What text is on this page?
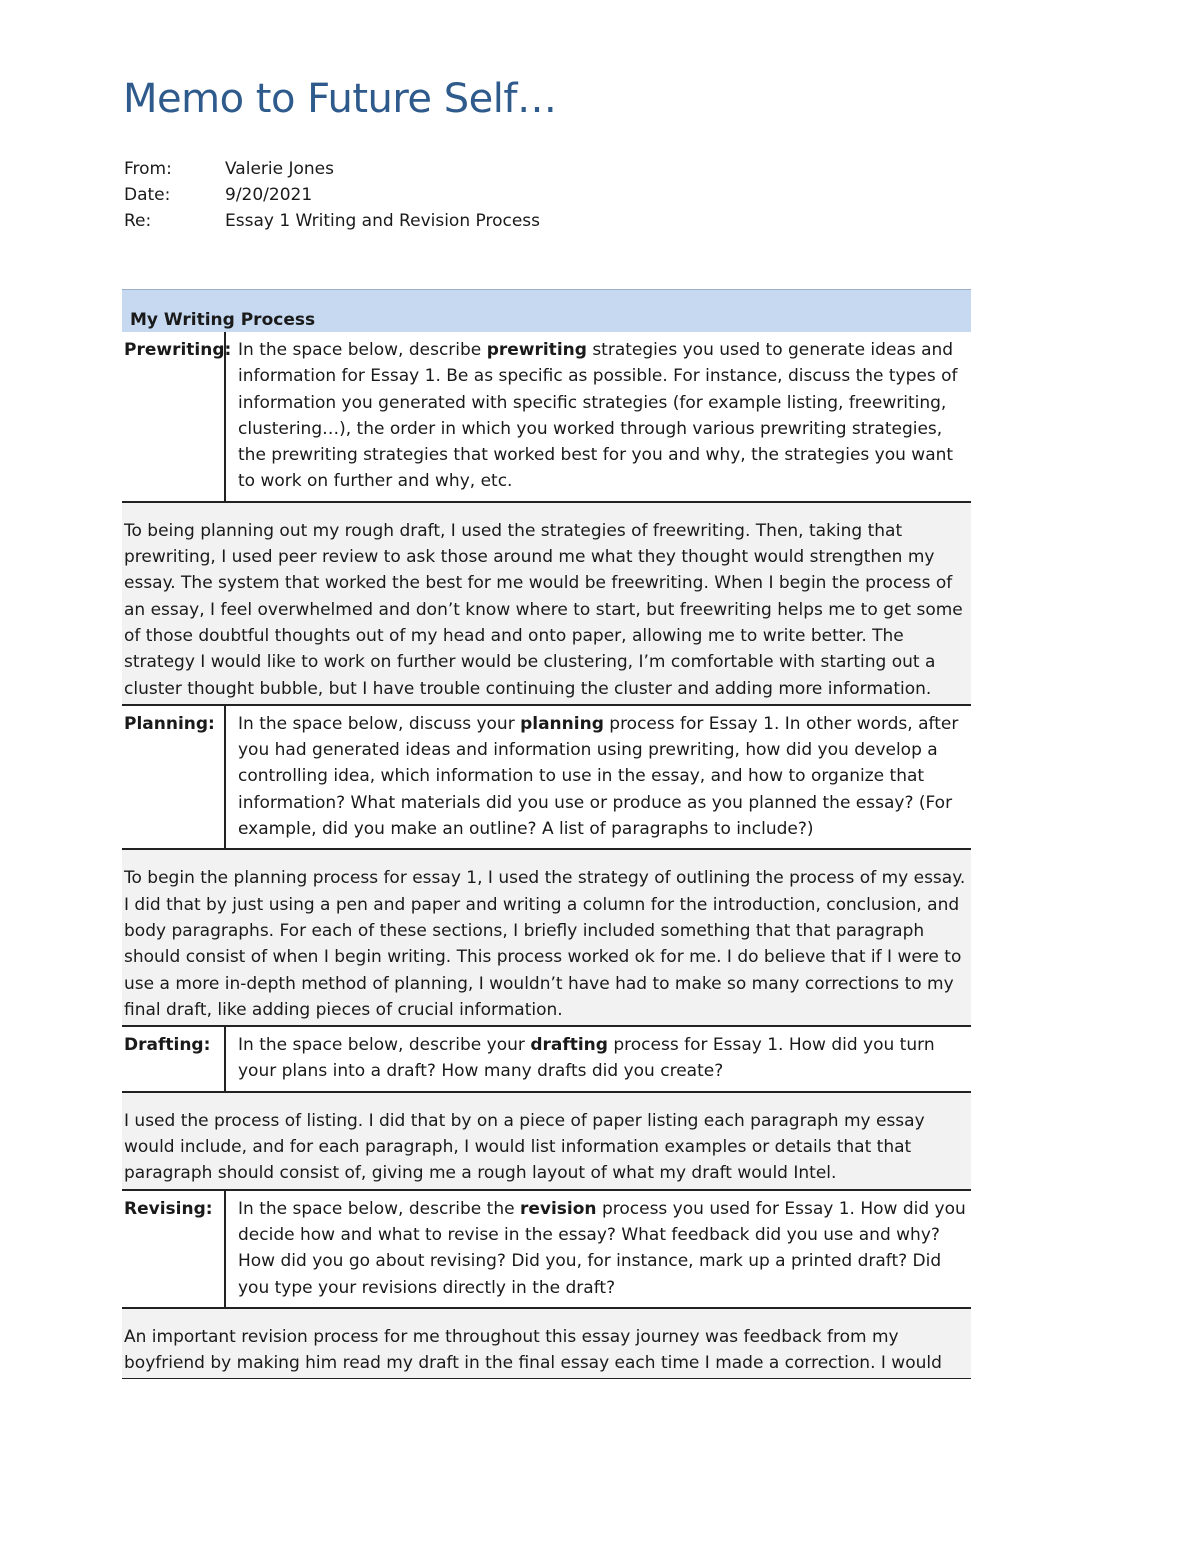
Memo to Future Self…
From:	Valerie Jones
Date:	9/20/2021
Re:	Essay 1 Writing and Revision Process
My Writing Process
Prewriting: In the space below, describe prewriting strategies you used to generate ideas and information for Essay 1. Be as specific as possible. For instance, discuss the types of information you generated with specific strategies (for example listing, freewriting, clustering…), the order in which you worked through various prewriting strategies, the prewriting strategies that worked best for you and why, the strategies you want to work on further and why, etc.
To being planning out my rough draft, I used the strategies of freewriting. Then, taking that prewriting, I used peer review to ask those around me what they thought would strengthen my essay. The system that worked the best for me would be freewriting. When I begin the process of an essay, I feel overwhelmed and don’t know where to start, but freewriting helps me to get some of those doubtful thoughts out of my head and onto paper, allowing me to write better. The strategy I would like to work on further would be clustering, I’m comfortable with starting out a cluster thought bubble, but I have trouble continuing the cluster and adding more information.
Planning:	In the space below, discuss your planning process for Essay 1. In other words, after you had generated ideas and information using prewriting, how did you develop a controlling idea, which information to use in the essay, and how to organize that information? What materials did you use or produce as you planned the essay? (For example, did you make an outline? A list of paragraphs to include?)
To begin the planning process for essay 1, I used the strategy of outlining the process of my essay. I did that by just using a pen and paper and writing a column for the introduction, conclusion, and body paragraphs. For each of these sections, I briefly included something that that paragraph should consist of when I begin writing. This process worked ok for me. I do believe that if I were to use a more in-depth method of planning, I wouldn’t have had to make so many corrections to my final draft, like adding pieces of crucial information.
Drafting:	In the space below, describe your drafting process for Essay 1. How did you turn your plans into a draft? How many drafts did you create?
I used the process of listing. I did that by on a piece of paper listing each paragraph my essay would include, and for each paragraph, I would list information examples or details that that paragraph should consist of, giving me a rough layout of what my draft would Intel.
Revising:	In the space below, describe the revision process you used for Essay 1. How did you decide how and what to revise in the essay? What feedback did you use and why? How did you go about revising? Did you, for instance, mark up a printed draft? Did you type your revisions directly in the draft?
An important revision process for me throughout this essay journey was feedback from my boyfriend by making him read my draft in the final essay each time I made a correction. I would
